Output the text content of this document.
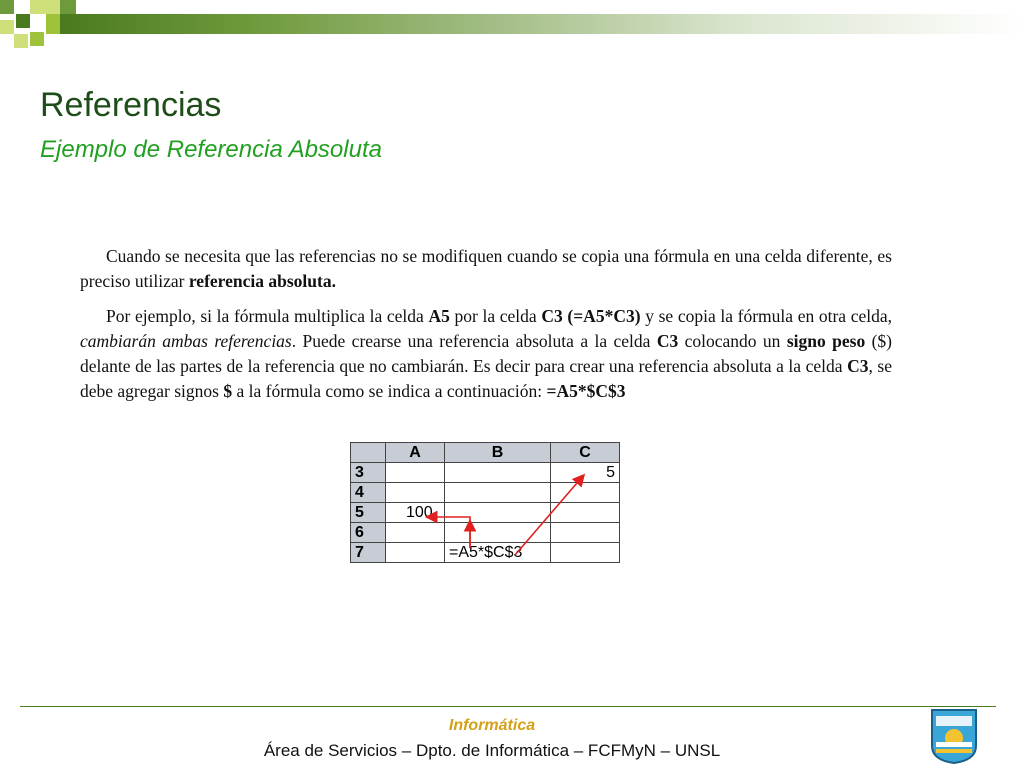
Referencias
Ejemplo de Referencia Absoluta

Cuando se necesita que las referencias no se modifiquen cuando se copia una fórmula en una celda diferente, es preciso utilizar referencia absoluta.

Por ejemplo, si la fórmula multiplica la celda A5 por la celda C3 (=A5*C3) y se copia la fórmula en otra celda, cambiarán ambas referencias. Puede crearse una referencia absoluta a la celda C3 colocando un signo peso ($) delante de las partes de la referencia que no cambiarán. Es decir para crear una referencia absoluta a la celda C3, se debe agregar signos $ a la fórmula como se indica a continuación: =A5*$C$3

	A	B	C
3			5
4			
5	100		
6			
7		=A5*$C$3	
Informática
Área de Servicios – Dpto. de Informática – FCFMyN – UNSL
